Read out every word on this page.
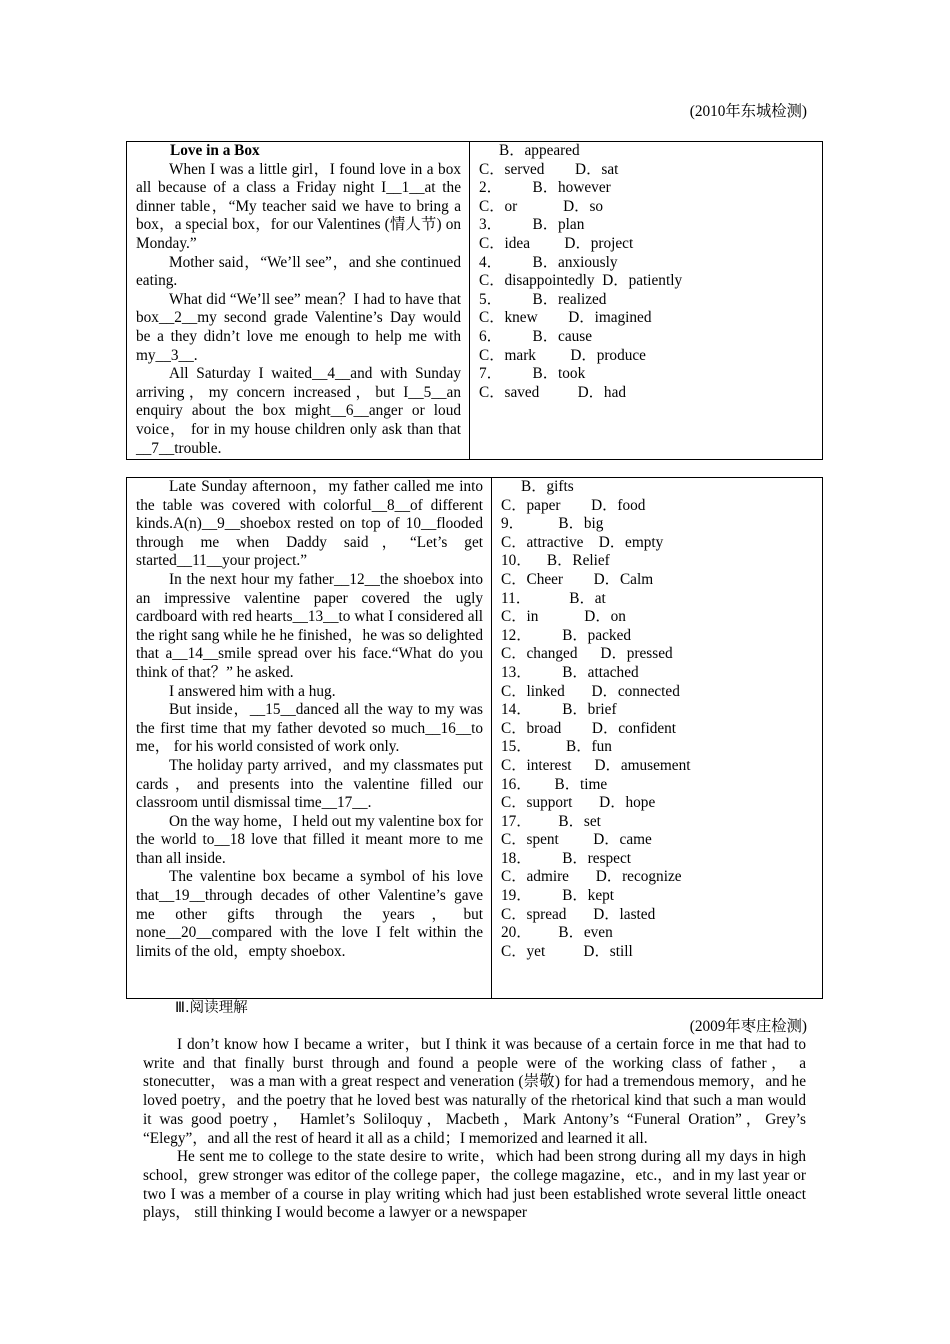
(2010年东城检测)

Love in a Box

When I was a little girl，I found love in a box all because of a class a Friday night I__1__at the dinner table，“My teacher said we have to bring a box，a special box，for our Valentines (情人节) on Monday.”

Mother said，“We’ll see”，and she continued eating.

What did “We’ll see” mean？I had to have that box__2__my second grade Valentine’s Day would be a they didn’t love me enough to help me with my__3__.

All Saturday I waited__4__and with Sunday arriving，my concern increased，but I__5__an enquiry about the box might__6__anger or loud voice， for in my house children only ask than that __7__trouble.

B．appeared
C．served        D．sat
2．        B．however
C．or            D．so
3．        B．plan
C．idea         D．project
4．        B．anxiously
C．disappointedly  D．patiently
5．        B．realized
C．knew        D．imagined
6．        B．cause
C．mark         D．produce
7．        B．took
C．saved          D．had

Late Sunday afternoon，my father called me into the table was covered with colorful__8__of different kinds.A(n)__9__shoebox rested on top of 10__flooded through me when Daddy said，“Let’s get started__11__your project.”

In the next hour my father__12__the shoebox into an impressive valentine paper covered the ugly cardboard with red hearts__13__to what I considered all the right sang while he he finished，he was so delighted that a__14__smile spread over his face.“What do you think of that？” he asked.

I answered him with a hug.

But inside，__15__danced all the way to my was the first time that my father devoted so much__16__to me， for his world consisted of work only.

The holiday party arrived，and my classmates put cards，and presents into the valentine filled our classroom until dismissal time__17__.

On the way home，I held out my valentine box for the world to__18 love that filled it meant more to me than all inside.

The valentine box became a symbol of his love that__19__through decades of other Valentine’s gave me other gifts through the years，but none__20__compared with the love I felt within the limits of the old，empty shoebox.

B．gifts
C．paper        D．food
9．         B．big
C．attractive    D．empty
10．    B．Relief
C．Cheer        D．Calm
11．          B．at
C．in            D．on
12．        B．packed
C．changed      D．pressed
13．        B．attached
C．linked       D．connected
14．        B．brief
C．broad        D．confident
15．         B．fun
C．interest      D．amusement
16．      B．time
C．support       D．hope
17．       B．set
C．spent         D．came
18．        B．respect
C．admire       D．recognize
19．        B．kept
C．spread       D．lasted
20．       B．even
C．yet          D．still
Ⅲ.阅读理解
(2009年枣庄检测)

I don’t know how I became a writer，but I think it was because of a certain force in me that had to write and that finally burst through and found a people were of the working class of father， a stonecutter， was a man with a great respect and veneration (崇敬) for had a tremendous memory，and he loved poetry，and the poetry that he loved best was naturally of the rhetorical kind that such a man would it was good poetry， Hamlet’s Soliloquy，Macbeth，Mark Antony’s “Funeral Oration”，Grey’s “Elegy”，and all the rest of heard it all as a child；I memorized and learned it all.

He sent me to college to the state desire to write，which had been strong during all my days in high school，grew stronger was editor of the college paper，the college magazine，etc.，and in my last year or two I was a member of a course in play writing which had just been established wrote several little oneact plays， still thinking I would become a lawyer or a newspaper
